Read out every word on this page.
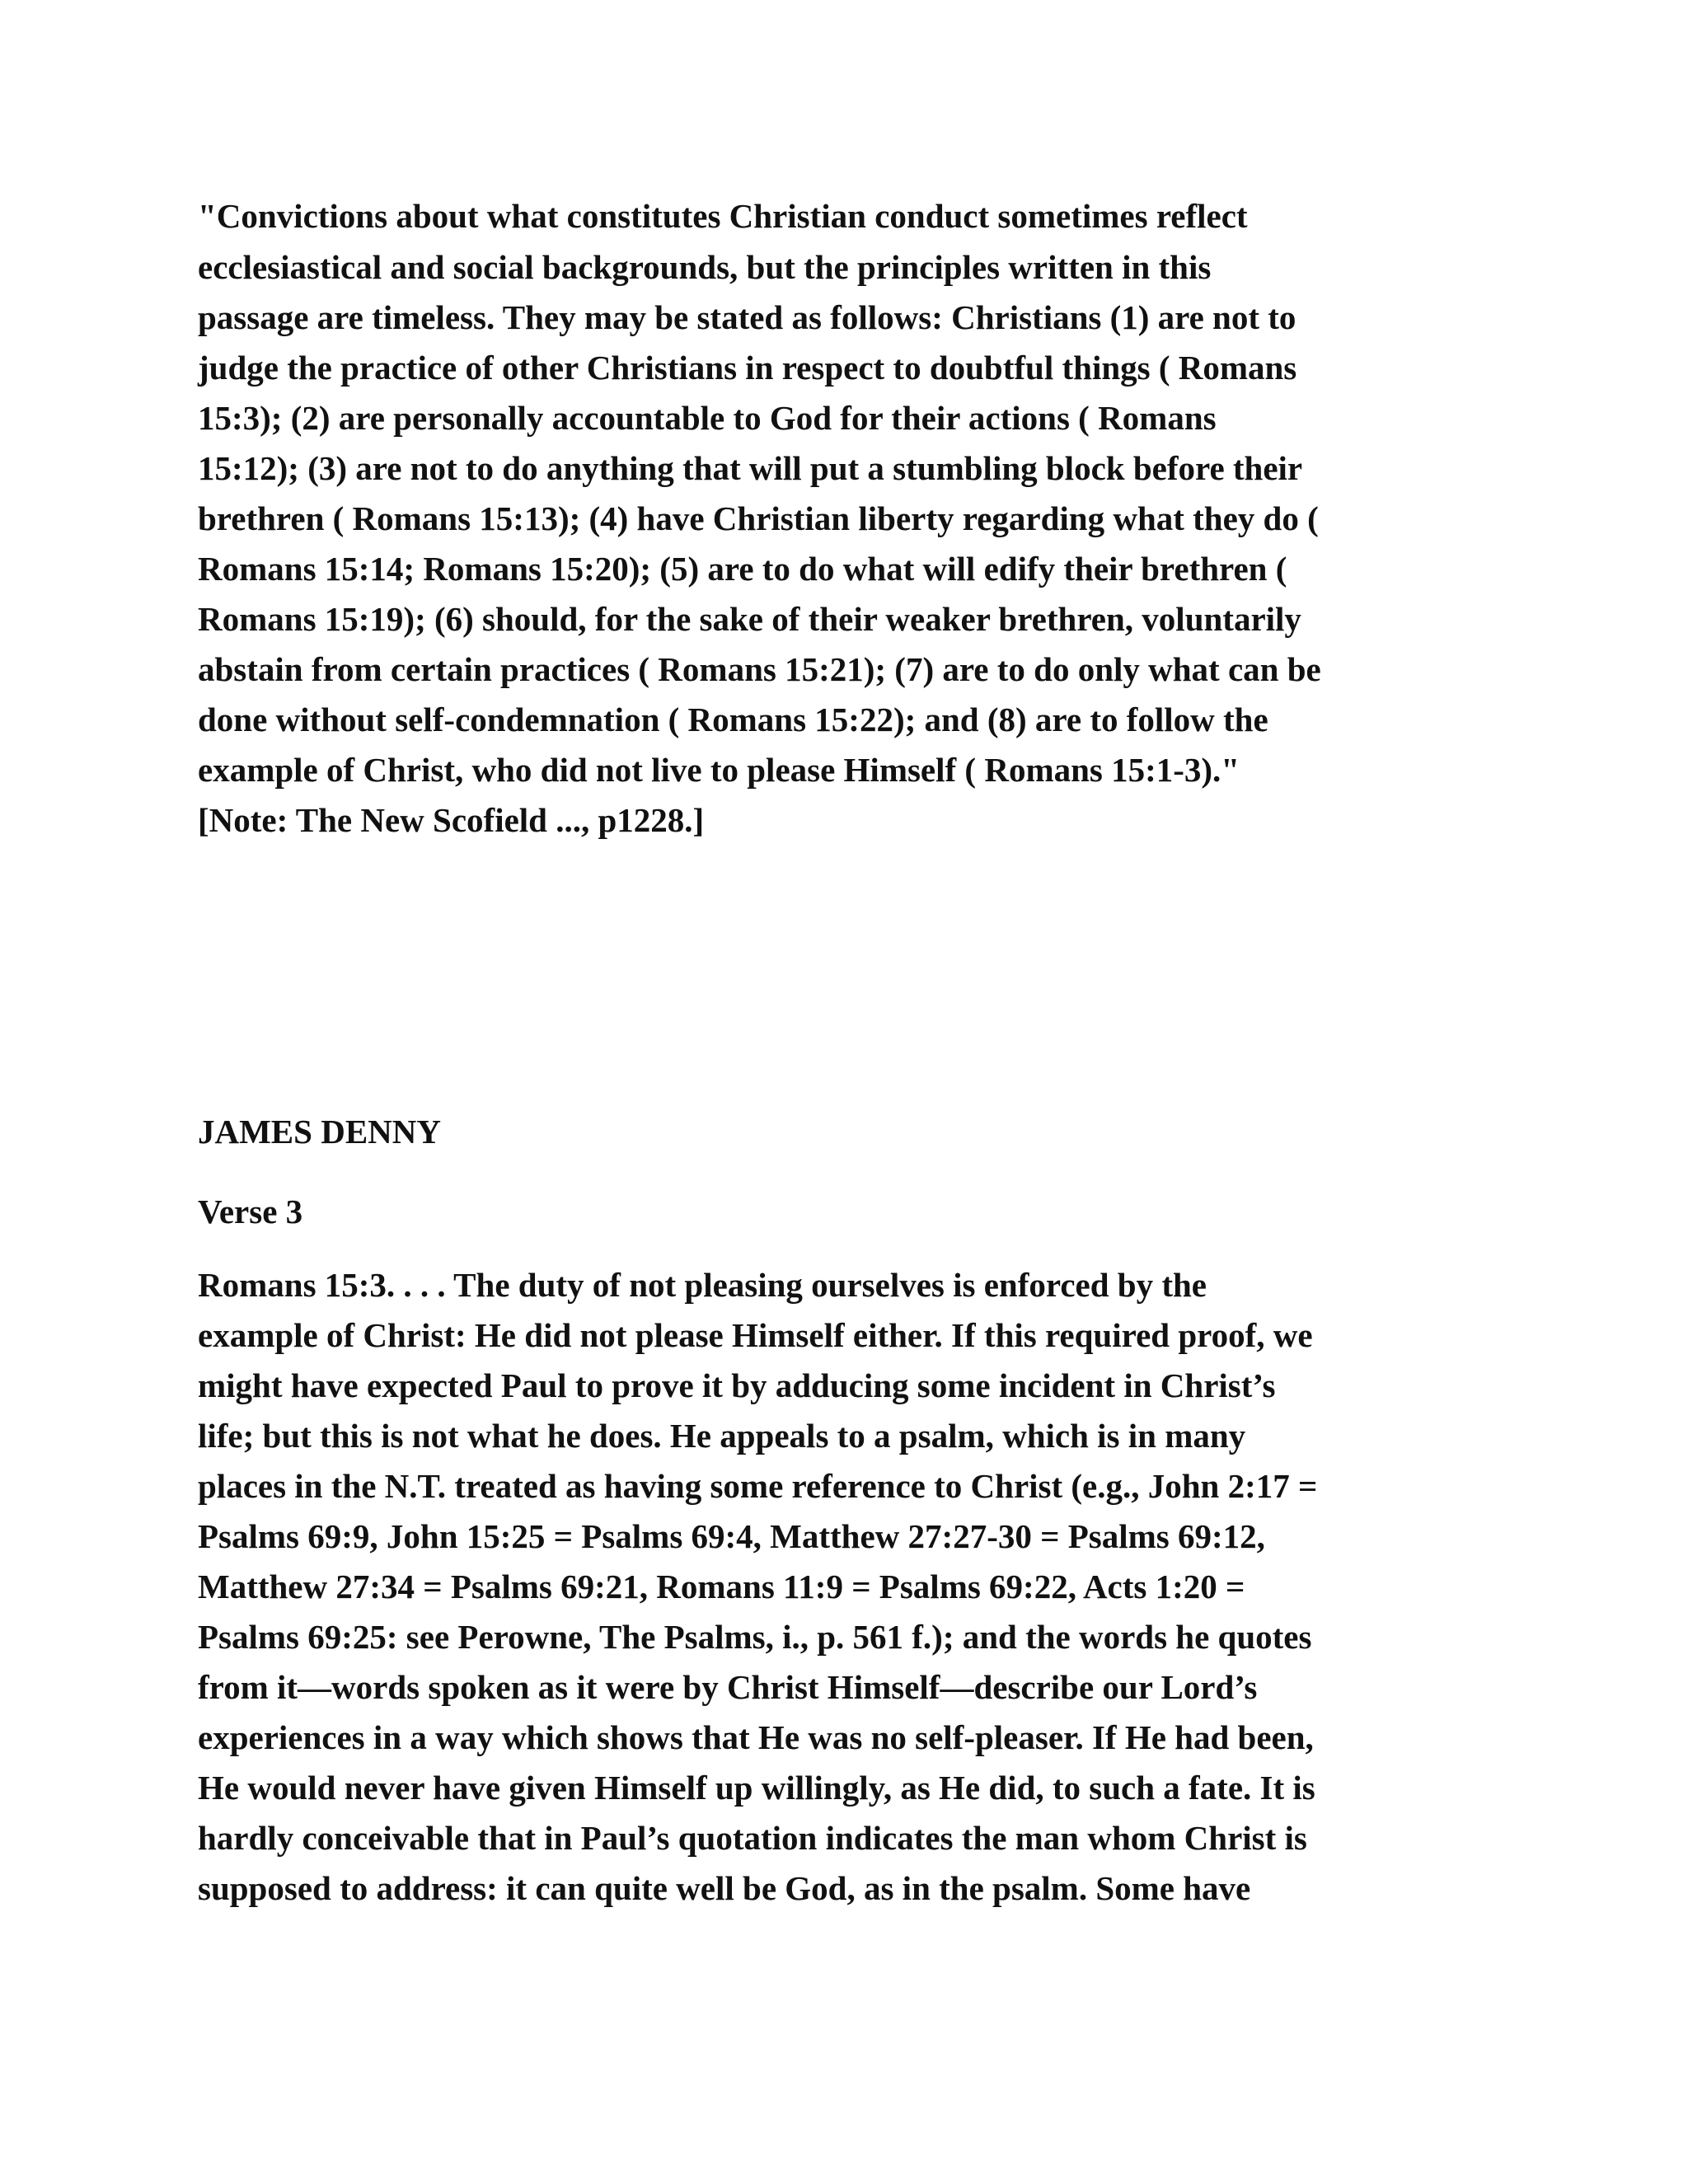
"Convictions about what constitutes Christian conduct sometimes reflect

ecclesiastical and social backgrounds, but the principles written in this

passage are timeless. They may be stated as follows: Christians (1) are not to

judge the practice of other Christians in respect to doubtful things ( Romans

15:3); (2) are personally accountable to God for their actions ( Romans

15:12); (3) are not to do anything that will put a stumbling block before their

brethren ( Romans 15:13); (4) have Christian liberty regarding what they do (

Romans 15:14; Romans 15:20); (5) are to do what will edify their brethren (

Romans 15:19); (6) should, for the sake of their weaker brethren, voluntarily

abstain from certain practices ( Romans 15:21); (7) are to do only what can be

done without self-condemnation ( Romans 15:22); and (8) are to follow the

example of Christ, who did not live to please Himself ( Romans 15:1-3)."

[Note: The New Scofield ..., p1228.]

JAMES DENNY
Verse 3

Romans 15:3. . . . The duty of not pleasing ourselves is enforced by the

example of Christ: He did not please Himself either. If this required proof, we

might have expected Paul to prove it by adducing some incident in Christ’s

life; but this is not what he does. He appeals to a psalm, which is in many

places in the N.T. treated as having some reference to Christ (e.g., John 2:17 =

Psalms 69:9, John 15:25 = Psalms 69:4, Matthew 27:27-30 = Psalms 69:12,

Matthew 27:34 = Psalms 69:21, Romans 11:9 = Psalms 69:22, Acts 1:20 =

Psalms 69:25: see Perowne, The Psalms, i., p. 561 f.); and the words he quotes

from it—words spoken as it were by Christ Himself—describe our Lord’s

experiences in a way which shows that He was no self-pleaser. If He had been,

He would never have given Himself up willingly, as He did, to such a fate. It is

hardly conceivable that in Paul’s quotation indicates the man whom Christ is

supposed to address: it can quite well be God, as in the psalm. Some have
